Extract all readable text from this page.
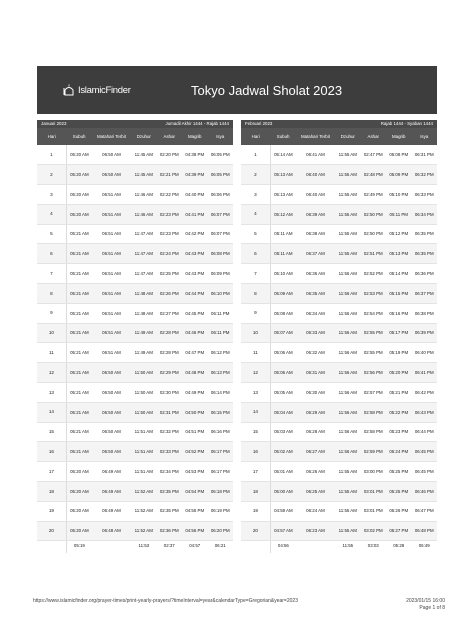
IslamicFinder	Tokyo Jadwal Sholat 2023
Januari 2023			Jumadil Akhir 1444 - Rajab 1444			
Hari	Subuh	Matahari Terbit	Dzuhur	Ashar	Magrib	Isya
1	05:20 AM	06:50 AM	11:45 AM	02:20 PM	04:38 PM	06:05 PM
2	05:20 AM	06:50 AM	11:45 AM	02:21 PM	04:39 PM	06:05 PM
3	05:20 AM	06:51 AM	11:46 AM	02:22 PM	04:40 PM	06:06 PM
4	05:20 AM	06:51 AM	11:46 AM	02:23 PM	04:41 PM	06:07 PM
5	05:21 AM	06:51 AM	11:47 AM	02:23 PM	04:42 PM	06:07 PM
6	05:21 AM	06:51 AM	11:47 AM	02:24 PM	04:43 PM	06:08 PM
7	05:21 AM	06:51 AM	11:47 AM	02:25 PM	04:43 PM	06:09 PM
8	05:21 AM	06:51 AM	11:48 AM	02:26 PM	04:44 PM	06:10 PM
9	05:21 AM	06:51 AM	11:48 AM	02:27 PM	04:45 PM	06:11 PM
10	05:21 AM	06:51 AM	11:49 AM	02:28 PM	04:46 PM	06:11 PM
11	05:21 AM	06:51 AM	11:49 AM	02:28 PM	04:47 PM	06:12 PM
12	05:21 AM	06:50 AM	11:50 AM	02:29 PM	04:48 PM	06:13 PM
13	05:21 AM	06:50 AM	11:50 AM	02:30 PM	04:49 PM	06:14 PM
14	05:21 AM	06:50 AM	11:50 AM	02:31 PM	04:50 PM	06:15 PM
15	05:21 AM	06:50 AM	11:51 AM	02:32 PM	04:51 PM	06:16 PM
16	05:21 AM	06:50 AM	11:51 AM	02:33 PM	04:52 PM	06:17 PM
17	05:20 AM	06:49 AM	11:51 AM	02:34 PM	04:53 PM	06:17 PM
18	05:20 AM	06:49 AM	11:52 AM	02:35 PM	04:54 PM	06:18 PM
19	05:20 AM	06:49 AM	11:52 AM	02:35 PM	04:55 PM	06:19 PM
20	05:20 AM	06:48 AM	11:52 AM	02:36 PM	04:56 PM	06:20 PM
	05:19		11:53	02:37	04:57	06:21
Februari 2023			Rajab 1444 - Syaban 1444			
Hari	Subuh	Matahari Terbit	Dzuhur	Ashar	Magrib	Isya
1	05:14 AM	06:41 AM	11:55 AM	02:47 PM	05:08 PM	06:31 PM
2	05:13 AM	06:40 AM	11:55 AM	02:48 PM	05:09 PM	06:32 PM
3	05:13 AM	06:40 AM	11:55 AM	02:49 PM	05:10 PM	06:33 PM
4	05:12 AM	06:39 AM	11:55 AM	02:50 PM	05:11 PM	06:34 PM
5	05:11 AM	06:38 AM	11:55 AM	02:50 PM	05:12 PM	06:35 PM
6	05:11 AM	06:37 AM	11:55 AM	02:51 PM	05:13 PM	06:35 PM
7	05:10 AM	06:36 AM	11:56 AM	02:52 PM	05:14 PM	06:36 PM
8	05:09 AM	06:35 AM	11:56 AM	02:53 PM	05:15 PM	06:37 PM
9	05:08 AM	06:34 AM	11:56 AM	02:54 PM	05:16 PM	06:38 PM
10	05:07 AM	06:33 AM	11:56 AM	02:55 PM	05:17 PM	06:39 PM
11	05:06 AM	06:32 AM	11:56 AM	02:55 PM	05:19 PM	06:40 PM
12	05:06 AM	06:31 AM	11:56 AM	02:56 PM	05:20 PM	06:41 PM
13	05:05 AM	06:30 AM	11:56 AM	02:57 PM	05:21 PM	06:42 PM
14	05:04 AM	06:29 AM	11:56 AM	02:58 PM	05:22 PM	06:43 PM
15	05:03 AM	06:28 AM	11:56 AM	02:58 PM	05:23 PM	06:44 PM
16	05:02 AM	06:27 AM	11:56 AM	02:59 PM	05:24 PM	06:45 PM
17	05:01 AM	06:26 AM	11:55 AM	03:00 PM	05:25 PM	06:45 PM
18	05:00 AM	06:25 AM	11:55 AM	03:01 PM	05:25 PM	06:46 PM
19	04:59 AM	06:24 AM	11:55 AM	03:01 PM	05:26 PM	06:47 PM
20	04:57 AM	06:23 AM	11:55 AM	03:02 PM	05:27 PM	06:48 PM
	04:56		11:55	03:03	05:28	06:49
https://www.islamicfinder.org/prayer-times/print-yearly-prayers/?timeInterval=year&calendarType=Gregorian&year=2023	2023/01/15 16:00
Page 1 of 8
